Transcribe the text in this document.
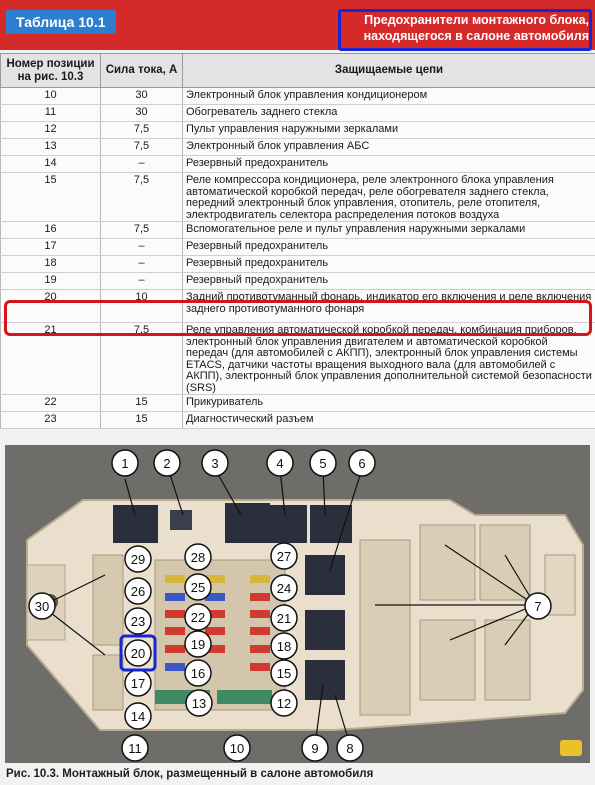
Таблица 10.1	Предохранители монтажного блока,
находящегося в салоне автомобиля
Номер позиции на рис. 10.3	Сила тока, А	Защищаемые цепи
10	30	Электронный блок управления кондиционером
11	30	Обогреватель заднего стекла
12	7,5	Пульт управления наружными зеркалами
13	7,5	Электронный блок управления АБС
14	–	Резервный предохранитель
15	7,5	Реле компрессора кондиционера, реле электронного блока управления автоматической коробкой передач, реле обогревателя заднего стекла, передний электронный блок управления, отопитель, реле отопителя, электродвигатель селектора распределения потоков воздуха
16	7,5	Вспомогательное реле и пульт управления наружными зеркалами
17	–	Резервный предохранитель
18	–	Резервный предохранитель
19	–	Резервный предохранитель
20	10	Задний противотуманный фонарь, индикатор его включения и реле включения заднего противотуманного фонаря
21	7,5	Реле управления автоматической коробкой передач, комбинация приборов, электронный блок управления двигателем и автоматической коробкой передач (для автомобилей с АКПП), электронный блок управления системы ETACS, датчики частоты вращения выходного вала (для автомобилей с АКПП), электронный блок управления дополнительной системой безопасности (SRS)
22	15	Прикуриватель
23	15	Диагностический разъем
1	2	3	4	5 6
7
8
9
10
11
12
13
14
15
16
17
18
19
20
21
22
23
24
25
26
27
28
29
30
Рис. 10.3. Монтажный блок, размещенный в салоне автомобиля
